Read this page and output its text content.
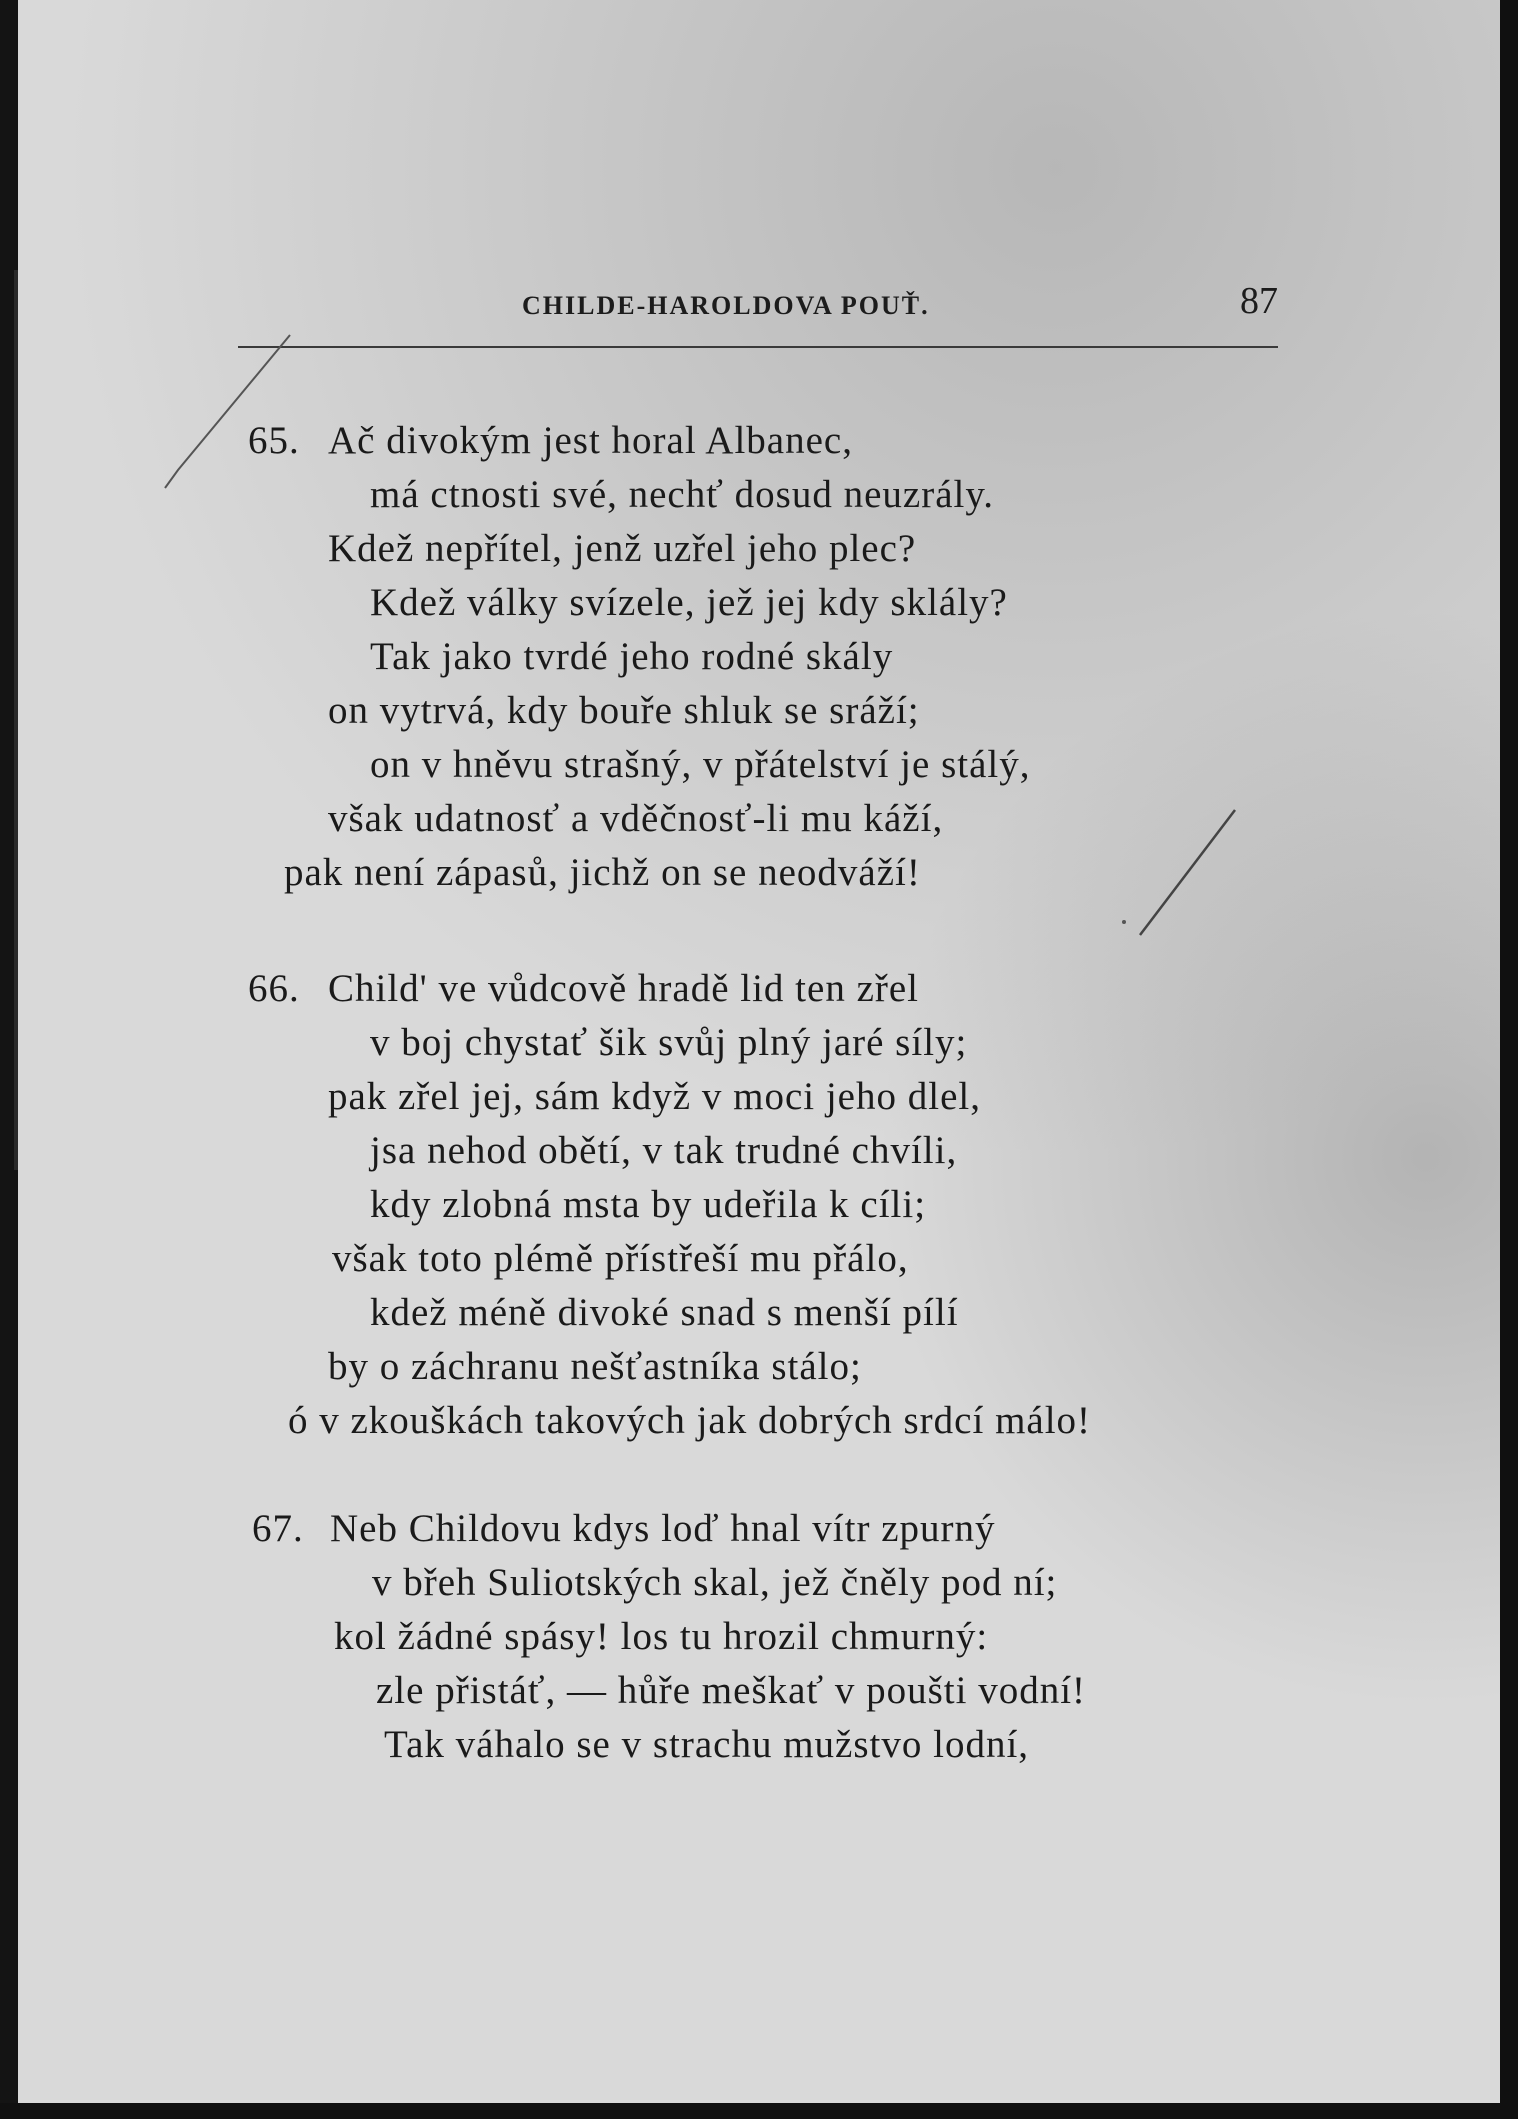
CHILDE-HAROLDOVA POUŤ.	87
65. Ač divokým jest horal Albanec,
má ctnosti své, nechť dosud neuzrály.
Kdež nepřítel, jenž uzřel jeho plec?
Kdež války svízele, jež jej kdy sklály?
Tak jako tvrdé jeho rodné skály
on vytrvá, kdy bouře shluk se sráží;
on v hněvu strašný, v přátelství je stálý,
však udatnosť a vděčnosť-li mu káží,
pak není zápasů, jichž on se neodváží!
66. Child' ve vůdcově hradě lid ten zřel
v boj chystať šik svůj plný jaré síly;
pak zřel jej, sám když v moci jeho dlel,
jsa nehod obětí, v tak trudné chvíli,
kdy zlobná msta by udeřila k cíli;
však toto plémě přístřeší mu přálo,
kdež méně divoké snad s menší pílí
by o záchranu nešťastníka stálo;
ó v zkouškách takových jak dobrých srdcí málo!
67. Neb Childovu kdys loď hnal vítr zpurný
v břeh Suliotských skal, jež čněly pod ní;
kol žádné spásy! los tu hrozil chmurný:
zle přistáť, — hůře meškať v poušti vodní!
Tak váhalo se v strachu mužstvo lodní,
